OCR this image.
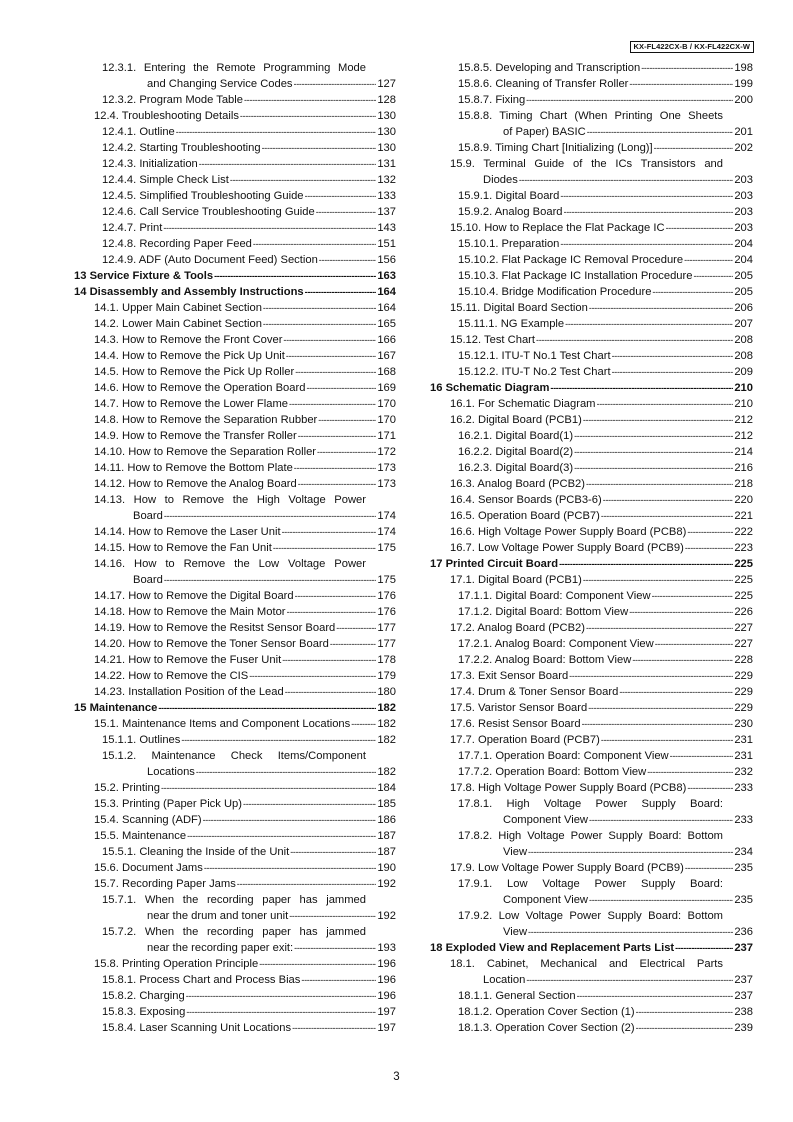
KX-FL422CX-B / KX-FL422CX-W
12.3.1. Entering the Remote Programming Mode
and Changing Service Codes -----	127
12.3.2. Program Mode Table -----	128
12.4. Troubleshooting Details -----	130
12.4.1. Outline -----	130
12.4.2. Starting Troubleshooting -----	130
12.4.3. Initialization -----	131
12.4.4. Simple Check List -----	132
12.4.5. Simplified Troubleshooting Guide -----	133
12.4.6. Call Service Troubleshooting Guide -----	137
12.4.7. Print -----	143
12.4.8. Recording Paper Feed -----	151
12.4.9. ADF (Auto Document Feed) Section -----	156
13 Service Fixture & Tools -----	163
14 Disassembly and Assembly Instructions -----	164
14.1. Upper Main Cabinet Section -----	164
14.2. Lower Main Cabinet Section -----	165
14.3. How to Remove the Front Cover -----	166
14.4. How to Remove the Pick Up Unit -----	167
14.5. How to Remove the Pick Up Roller -----	168
14.6. How to Remove the Operation Board -----	169
14.7. How to Remove the Lower Flame -----	170
14.8. How to Remove the Separation Rubber -----	170
14.9. How to Remove the Transfer Roller -----	171
14.10. How to Remove the Separation Roller -----	172
14.11. How to Remove the Bottom Plate -----	173
14.12. How to Remove the Analog Board -----	173
14.13. How to Remove the High Voltage Power
Board -----	174
14.14. How to Remove the Laser Unit -----	174
14.15. How to Remove the Fan Unit -----	175
14.16. How to Remove the Low Voltage Power
Board -----	175
14.17. How to Remove the Digital Board -----	176
14.18. How to Remove the Main Motor -----	176
14.19. How to Remove the Resitst Sensor Board -----	177
14.20. How to Remove the Toner Sensor Board -----	177
14.21. How to Remove the Fuser Unit -----	178
14.22. How to Remove the CIS -----	179
14.23. Installation Position of the Lead -----	180
15 Maintenance -----	182
15.1. Maintenance Items and Component Locations ----- 182
15.1.1. Outlines -----	182
15.1.2. Maintenance Check Items/Component
Locations -----	182
15.2. Printing -----	184
15.3. Printing (Paper Pick Up) -----	185
15.4. Scanning (ADF) -----	186
15.5. Maintenance -----	187
15.5.1. Cleaning the Inside of the Unit -----	187
15.6. Document Jams -----	190
15.7. Recording Paper Jams -----	192
15.7.1. When the recording paper has jammed
near the drum and toner unit -----	192
15.7.2. When the recording paper has jammed
near the recording paper exit: -----	193
15.8. Printing Operation Principle -----	196
15.8.1. Process Chart and Process Bias -----	196
15.8.2. Charging -----	196
15.8.3. Exposing -----	197
15.8.4. Laser Scanning Unit Locations -----	197
15.8.5. Developing and Transcription -----	198
15.8.6. Cleaning of Transfer Roller -----	199
15.8.7. Fixing -----	200
15.8.8. Timing Chart (When Printing One Sheets
of Paper) BASIC -----	201
15.8.9. Timing Chart [Initializing (Long)] -----	202
15.9. Terminal Guide of the ICs Transistors and
Diodes -----	203
15.9.1. Digital Board -----	203
15.9.2. Analog Board -----	203
15.10. How to Replace the Flat Package IC -----	203
15.10.1. Preparation -----	204
15.10.2. Flat Package IC Removal Procedure -----	204
15.10.3. Flat Package IC Installation Procedure -----	205
15.10.4. Bridge Modification Procedure -----	205
15.11. Digital Board Section -----	206
15.11.1. NG Example -----	207
15.12. Test Chart -----	208
15.12.1. ITU-T No.1 Test Chart -----	208
15.12.2. ITU-T No.2 Test Chart -----	209
16 Schematic Diagram -----	210
16.1. For Schematic Diagram -----	210
16.2. Digital Board (PCB1) -----	212
16.2.1. Digital Board(1) -----	212
16.2.2. Digital Board(2) -----	214
16.2.3. Digital Board(3) -----	216
16.3. Analog Board (PCB2) -----	218
16.4. Sensor Boards (PCB3-6) -----	220
16.5. Operation Board (PCB7) -----	221
16.6. High Voltage Power Supply Board (PCB8) -----	222
16.7. Low Voltage Power Supply Board (PCB9) -----	223
17 Printed Circuit Board -----	225
17.1. Digital Board (PCB1) -----	225
17.1.1. Digital Board: Component View -----	225
17.1.2. Digital Board: Bottom View -----	226
17.2. Analog Board (PCB2) -----	227
17.2.1. Analog Board: Component View -----	227
17.2.2. Analog Board: Bottom View -----	228
17.3. Exit Sensor Board -----	229
17.4. Drum & Toner Sensor Board -----	229
17.5. Varistor Sensor Board -----	229
17.6. Resist Sensor Board -----	230
17.7. Operation Board (PCB7) -----	231
17.7.1. Operation Board: Component View -----	231
17.7.2. Operation Board: Bottom View -----	232
17.8. High Voltage Power Supply Board (PCB8) -----	233
17.8.1. High Voltage Power Supply Board:
Component View -----	233
17.8.2. High Voltage Power Supply Board: Bottom
View -----	234
17.9. Low Voltage Power Supply Board (PCB9) -----	235
17.9.1. Low Voltage Power Supply Board:
Component View -----	235
17.9.2. Low Voltage Power Supply Board: Bottom
View -----	236
18 Exploded View and Replacement Parts List -----	237
18.1. Cabinet, Mechanical and Electrical Parts
Location -----	237
18.1.1. General Section -----	237
18.1.2. Operation Cover Section (1) -----	238
18.1.3. Operation Cover Section (2) -----	239
3
